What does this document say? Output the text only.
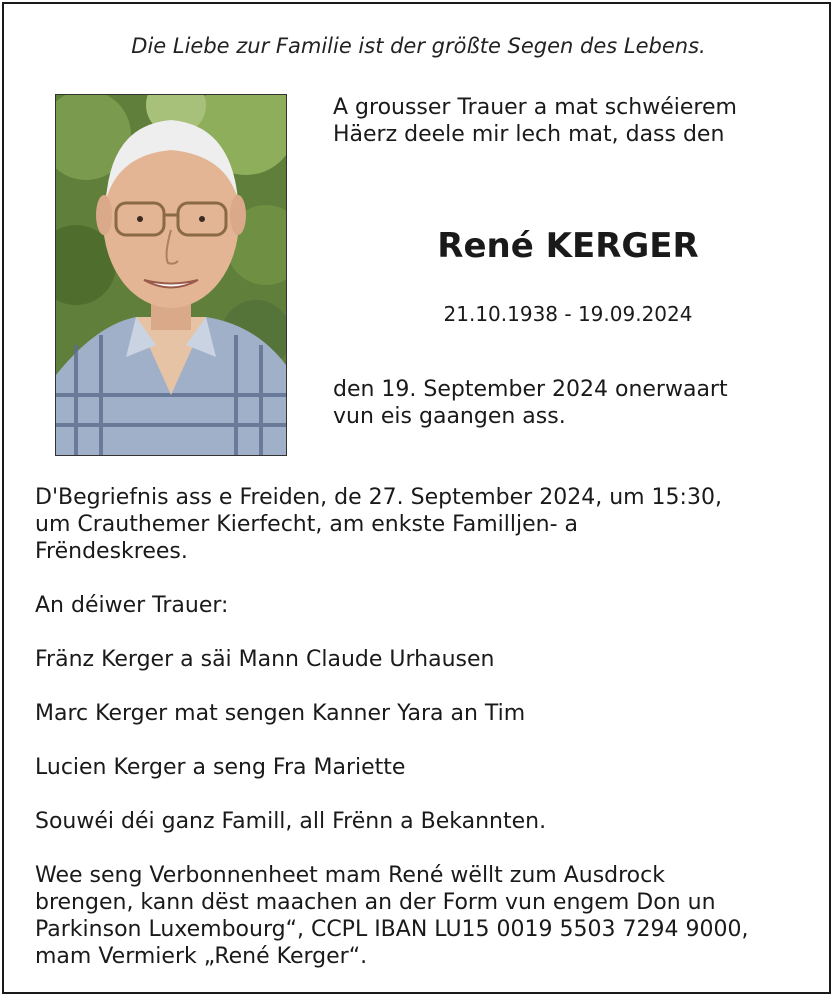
Die Liebe zur Familie ist der größte Segen des Lebens.
A grousser Trauer a mat schwéierem
Häerz deele mir lech mat, dass den
René KERGER
21.10.1938 - 19.09.2024
den 19. September 2024 onerwaart
vun eis gaangen ass.

D'Begriefnis ass e Freiden, de 27. September 2024, um 15:30,
um Crauthemer Kierfecht, am enkste Familljen- a
Frëndeskrees.

An déiwer Trauer:

Fränz Kerger a säi Mann Claude Urhausen

Marc Kerger mat sengen Kanner Yara an Tim

Lucien Kerger a seng Fra Mariette

Souwéi déi ganz Famill, all Frënn a Bekannten.

Wee seng Verbonnenheet mam René wëllt zum Ausdrock
brengen, kann dëst maachen an der Form vun engem Don un
Parkinson Luxembourg“, CCPL IBAN LU15 0019 5503 7294 9000,
mam Vermierk „René Kerger“.
